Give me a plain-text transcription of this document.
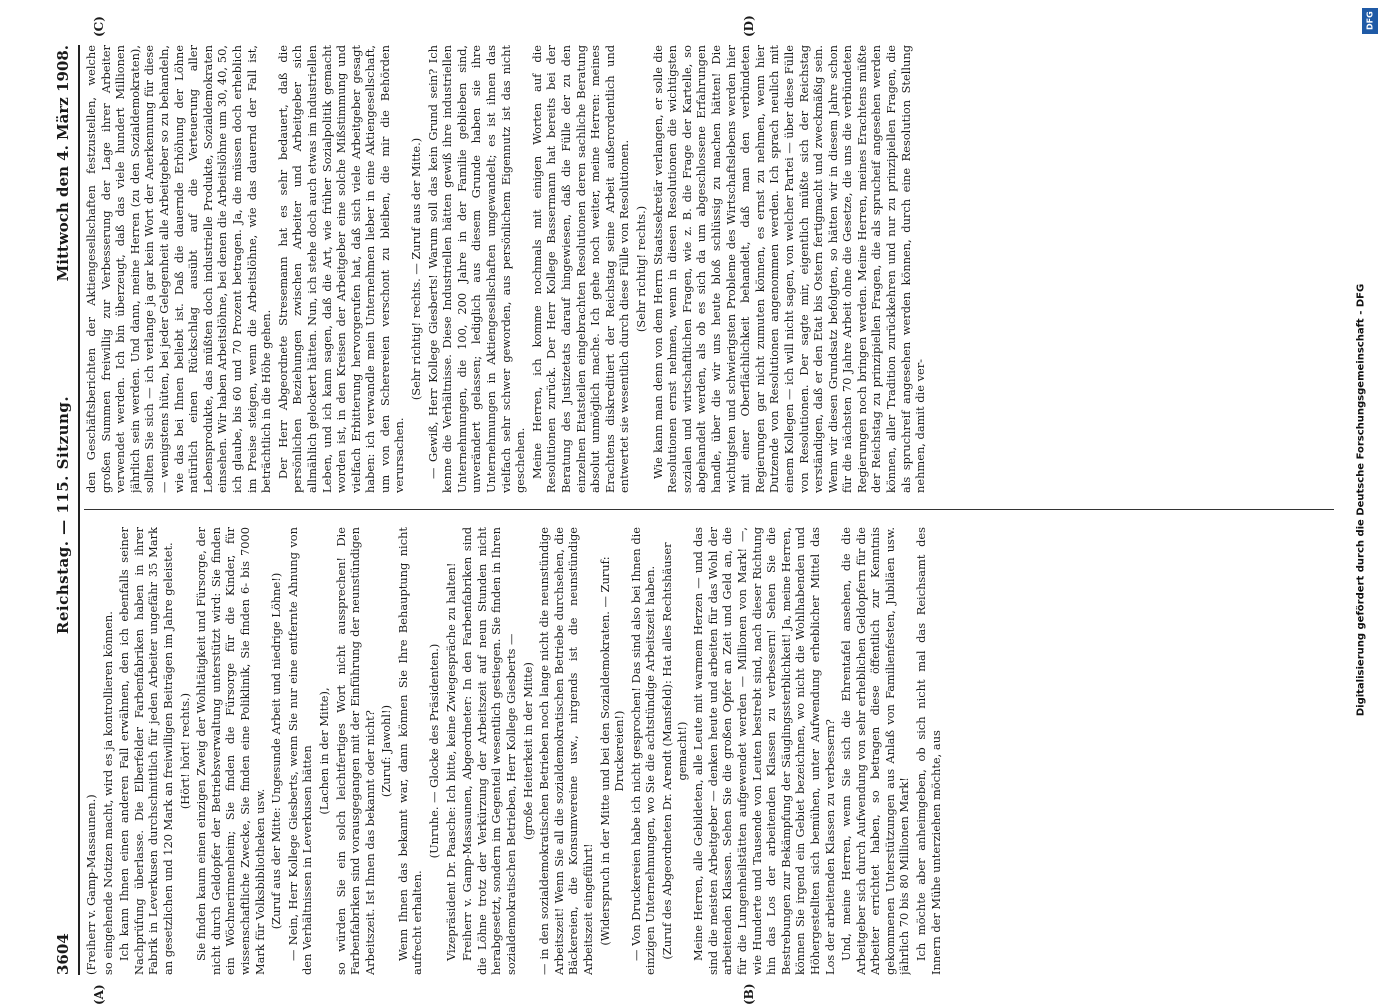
3604
Reichstag. — 115. Sitzung.
Mittwoch den 4. März 1908.
(A)	(B)
(C)	(D)

(Freiherr v. Gamp-Massaunen.) so eingehende Notizen macht, wird es ja kontrollieren können. Ich kann Ihnen einen anderen Fall erwähnen, den ich ebenfalls seiner Nachprüfung überlasse. Die Elberfelder Farbenfabriken haben in ihrer Fabrik in Leverkusen durchschnittlich für jeden Arbeiter ungefähr 35 Mark an gesetzlichen und 120 Mark an freiwilligen Beiträgen im Jahre geleistet. (Hört! hört! rechts.) Sie finden kaum einen einzigen Zweig der Wohltätigkeit und Fürsorge, der nicht durch Geldopfer der Betriebsverwaltung unterstützt wird: Sie finden ein Wöchnerinnenheim; Sie finden die Fürsorge für die Kinder, für wissenschaftliche Zwecke, Sie finden eine Poliklinik, Sie finden 6- bis 7000 Mark für Volksbibliotheken usw. (Zuruf aus der Mitte: Ungesunde Arbeit und niedrige Löhne!) — Nein, Herr Kollege Giesberts, wenn Sie nur eine entfernte Ahnung von den Verhältnissen in Leverkusen hätten (Lachen in der Mitte), so würden Sie ein solch leichtfertiges Wort nicht aussprechen! Die Farbenfabriken sind vorausgegangen mit der Einführung der neunstündigen Arbeitszeit. Ist Ihnen das bekannt oder nicht? (Zuruf: Jawohl!) Wenn Ihnen das bekannt war, dann können Sie Ihre Behauptung nicht aufrecht erhalten.

(Unruhe. — Glocke des Präsidenten.) Vizepräsident Dr. Paasche: Ich bitte, keine Zwiegespräche zu halten! Freiherr v. Gamp-Massaunen, Abgeordneter: In den Farbenfabriken sind die Löhne trotz der Verkürzung der Arbeitszeit auf neun Stunden nicht herabgesetzt, sondern im Gegenteil wesentlich gestiegen. Sie finden in Ihren sozialdemokratischen Betrieben, Herr Kollege Giesberts — (große Heiterkeit in der Mitte) — in den sozialdemokratischen Betrieben noch lange nicht die neunstündige Arbeitszeit! Wenn Sie all die sozialdemokratischen Betriebe durchsehen, die Bäckereien, die Konsumvereine usw., nirgends ist die neunstündige Arbeitszeit eingeführt! (Widerspruch in der Mitte und bei den Sozialdemokraten. — Zuruf: Druckereien!) — Von Druckereien habe ich nicht gesprochen! Das sind also bei Ihnen die einzigen Unternehmungen, wo Sie die achtstündige Arbeitszeit haben. (Zuruf des Abgeordneten Dr. Arendt (Mansfeld): Hat alles Rechtshäuser gemacht!) Meine Herren, alle Gebildeten, alle Leute mit warmem Herzen — und das sind die meisten Arbeitgeber — denken heute und arbeiten für das Wohl der arbeitenden Klassen. Sehen Sie die großen Opfer an Zeit und Geld an, die für die Lungenheilstätten aufgewendet werden — Millionen von Mark! —, wie Hunderte und Tausende von Leuten bestrebt sind, nach dieser Richtung hin das Los der arbeitenden Klassen zu verbessern! Sehen Sie die Bestrebungen zur Bekämpfung der Säuglingssterblichkeit! Ja, meine Herren, können Sie irgend ein Gebiet bezeichnen, wo nicht die Wohlhabenden und Höhergestellten sich bemühen, unter Aufwendung erheblicher Mittel das Los der arbeitenden Klassen zu verbessern? Und, meine Herren, wenn Sie sich die Ehrentafel ansehen, die die Arbeitgeber sich durch Aufwendung von sehr erheblichen Geldopfern für die Arbeiter errichtet haben, so betragen diese öffentlich zur Kenntnis gekommenen Unterstützungen aus Anlaß von Familienfesten, Jubiläen usw. jährlich 70 bis 80 Millionen Mark! Ich möchte aber anheimgeben, ob sich nicht mal das Reichsamt des Innern der Mühe unterziehen möchte, aus

den Geschäftsberichten der Aktiengesellschaften festzustellen, welche großen Summen freiwillig zur Verbesserung der Lage ihrer Arbeiter verwendet werden. Ich bin überzeugt, daß das viele hundert Millionen jährlich sein werden. Und dann, meine Herren (zu den Sozialdemokraten), sollten Sie sich — ich verlange ja gar kein Wort der Anerkennung für diese — wenigstens hüten, bei jeder Gelegenheit alle Arbeitgeber so zu behandeln, wie das bei Ihnen beliebt ist. Daß die dauernde Erhöhung der Löhne natürlich einen Rückschlag ausübt auf die Verteuerung aller Lebensprodukte, das müßten doch industrielle Produkte, Sozialdemokraten einsehen. Wir haben Arbeitslöhne, bei denen die Arbeitslöhne um 30, 40, 50, ich glaube, bis 60 und 70 Prozent betragen. Ja, die müssen doch erheblich im Preise steigen, wenn die Arbeitslöhne, wie das dauernd der Fall ist, beträchtlich in die Höhe gehen. Der Herr Abgeordnete Stresemann hat es sehr bedauert, daß die persönlichen Beziehungen zwischen Arbeiter und Arbeitgeber sich allmählich gelockert hätten. Nun, ich stehe doch auch etwas im industriellen Leben, und ich kann sagen, daß die Art, wie früher Sozialpolitik gemacht worden ist, in den Kreisen der Arbeitgeber eine solche Mißstimmung und vielfach Erbitterung hervorgerufen hat, daß sich viele Arbeitgeber gesagt haben: ich verwandle mein Unternehmen lieber in eine Aktiengesellschaft, um von den Scherereien verschont zu bleiben, die mir die Behörden verursachen.

(Sehr richtig! rechts. — Zuruf aus der Mitte.) — Gewiß, Herr Kollege Giesberts! Warum soll das kein Grund sein? Ich kenne die Verhältnisse. Diese Industriellen hätten gewiß ihre industriellen Unternehmungen, die 100, 200 Jahre in der Familie geblieben sind, unverändert gelassen; lediglich aus diesem Grunde haben sie ihre Unternehmungen in Aktiengesellschaften umgewandelt; es ist ihnen das vielfach sehr schwer geworden, aus persönlichem Eigennutz ist das nicht geschehen. Meine Herren, ich komme nochmals mit einigen Worten auf die Resolutionen zurück. Der Herr Kollege Bassermann hat bereits bei der Beratung des Justizetats darauf hingewiesen, daß die Fülle der zu den einzelnen Etatsteilen eingebrachten Resolutionen deren sachliche Beratung absolut unmöglich mache. Ich gehe noch weiter, meine Herren: meines Erachtens diskreditiert der Reichstag seine Arbeit außerordentlich und entwertet sie wesentlich durch diese Fülle von Resolutionen. (Sehr richtig! rechts.) Wie kann man denn von dem Herrn Staatssekretär verlangen, er solle die Resolutionen ernst nehmen, wenn in diesen Resolutionen die wichtigsten sozialen und wirtschaftlichen Fragen, wie z. B. die Frage der Kartelle, so abgehandelt werden, als ob es sich da um abgeschlossene Erfahrungen handle, über die wir uns heute bloß schlüssig zu machen hätten! Die wichtigsten und schwierigsten Probleme des Wirtschaftslebens werden hier mit einer Oberflächlichkeit behandelt, daß man den verbündeten Regierungen gar nicht zumuten können, es ernst zu nehmen, wenn hier Dutzende von Resolutionen angenommen werden. Ich sprach neulich mit einem Kollegen — ich will nicht sagen, von welcher Partei — über diese Fülle von Resolutionen. Der sagte mir, eigentlich müßte sich der Reichstag verständigen, daß er den Etat bis Ostern fertigmacht und zweckmäßig sein. Wenn wir diesen Grundsatz befolgten, so hätten wir in diesem Jahre schon für die nächsten 70 Jahre Arbeit ohne die Gesetze, die uns die verbündeten Regierungen noch bringen werden. Meine Herren, meines Erachtens müßte der Reichstag zu prinzipiellen Fragen, die als sprucheif angesehen werden können, aller Tradition zurückkehren und nur zu prinzipiellen Fragen, die als spruchreif angesehen werden können, durch eine Resolution Stellung nehmen, damit die ver-	Digitalisierung gefördert durch die Deutsche Forschungsgemeinschaft - DFG
DFG
